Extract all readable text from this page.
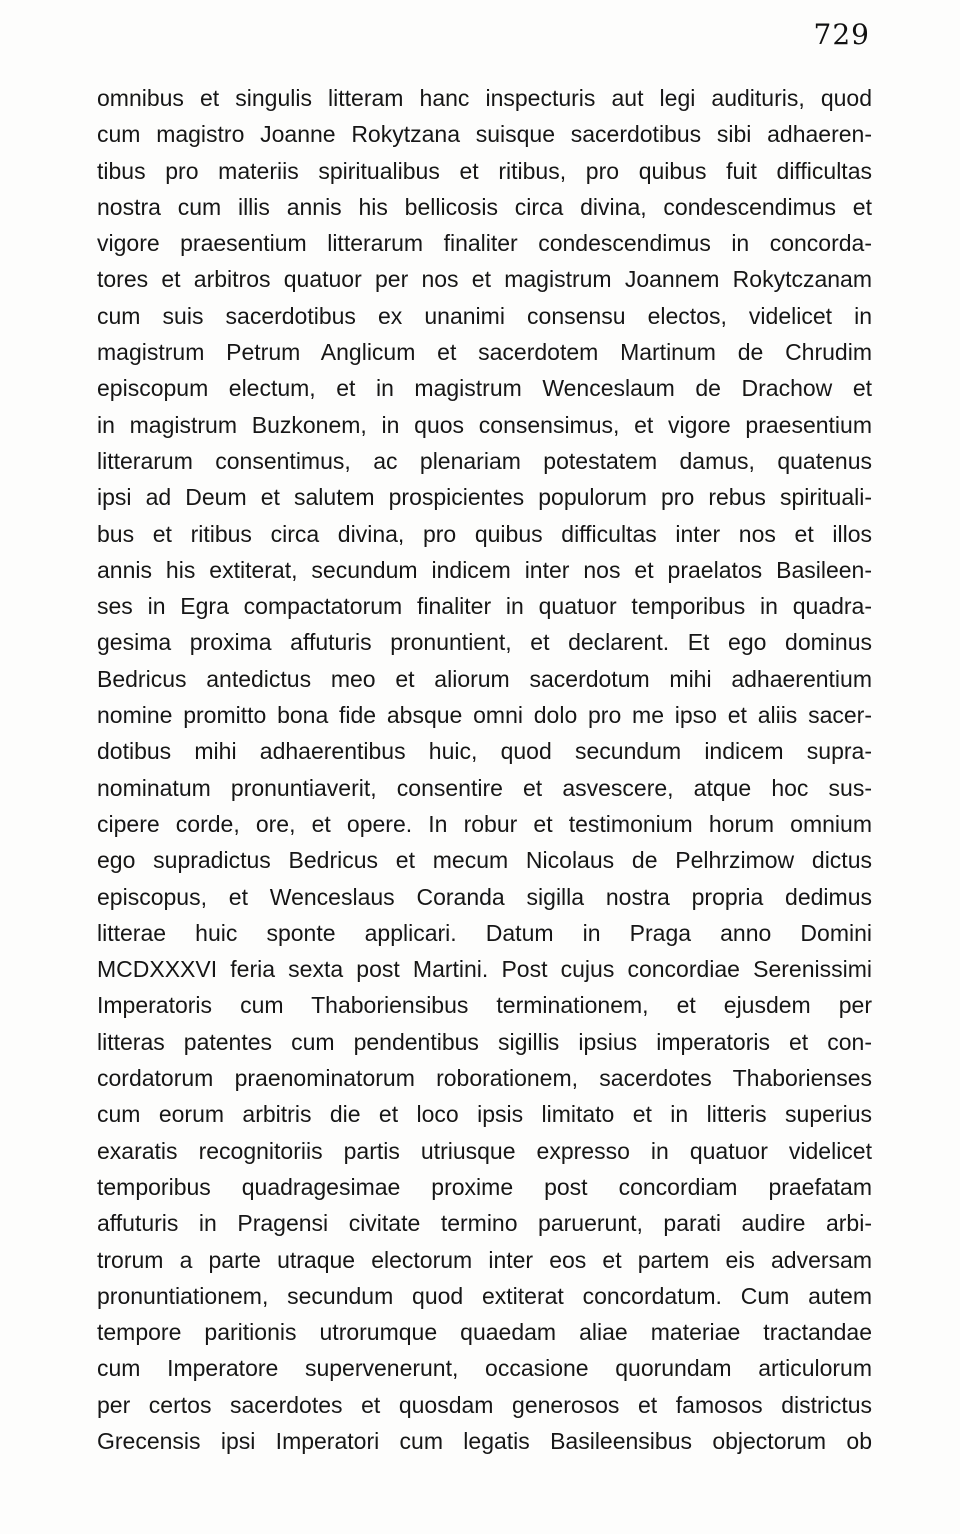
729
omnibus et singulis litteram hanc inspecturis aut legi audituris, quod
cum magistro Joanne Rokytzana suisque sacerdotibus sibi adhaeren-
tibus pro materiis spiritualibus et ritibus, pro quibus fuit difficultas
nostra cum illis annis his bellicosis circa divina, condescendimus et
vigore praesentium litterarum finaliter condescendimus in concorda-
tores et arbitros quatuor per nos et magistrum Joannem Rokytczanam
cum suis sacerdotibus ex unanimi consensu electos, videlicet in
magistrum Petrum Anglicum et sacerdotem Martinum de Chrudim
episcopum electum, et in magistrum Wenceslaum de Drachow et
in magistrum Buzkonem, in quos consensimus, et vigore praesentium
litterarum consentimus, ac plenariam potestatem damus, quatenus
ipsi ad Deum et salutem prospicientes populorum pro rebus spirituali-
bus et ritibus circa divina, pro quibus difficultas inter nos et illos
annis his extiterat, secundum indicem inter nos et praelatos Basileen-
ses in Egra compactatorum finaliter in quatuor temporibus in quadra-
gesima proxima affuturis pronuntient, et declarent. Et ego dominus
Bedricus antedictus meo et aliorum sacerdotum mihi adhaerentium
nomine promitto bona fide absque omni dolo pro me ipso et aliis sacer-
dotibus mihi adhaerentibus huic, quod secundum indicem supra-
nominatum pronuntiaverit, consentire et asvescere, atque hoc sus-
cipere corde, ore, et opere. In robur et testimonium horum omnium
ego supradictus Bedricus et mecum Nicolaus de Pelhrzimow dictus
episcopus, et Wenceslaus Coranda sigilla nostra propria dedimus
litterae huic sponte applicari. Datum in Praga anno Domini
MCDXXXVI feria sexta post Martini. Post cujus concordiae Serenissimi
Imperatoris cum Thaboriensibus terminationem, et ejusdem per
litteras patentes cum pendentibus sigillis ipsius imperatoris et con-
cordatorum praenominatorum roborationem, sacerdotes Thaborienses
cum eorum arbitris die et loco ipsis limitato et in litteris superius
exaratis recognitoriis partis utriusque expresso in quatuor videlicet
temporibus quadragesimae proxime post concordiam praefatam
affuturis in Pragensi civitate termino paruerunt, parati audire arbi-
trorum a parte utraque electorum inter eos et partem eis adversam
pronuntiationem, secundum quod extiterat concordatum. Cum autem
tempore paritionis utrorumque quaedam aliae materiae tractandae
cum Imperatore supervenerunt, occasione quorundam articulorum
per certos sacerdotes et quosdam generosos et famosos districtus
Grecensis ipsi Imperatori cum legatis Basileensibus objectorum ob
